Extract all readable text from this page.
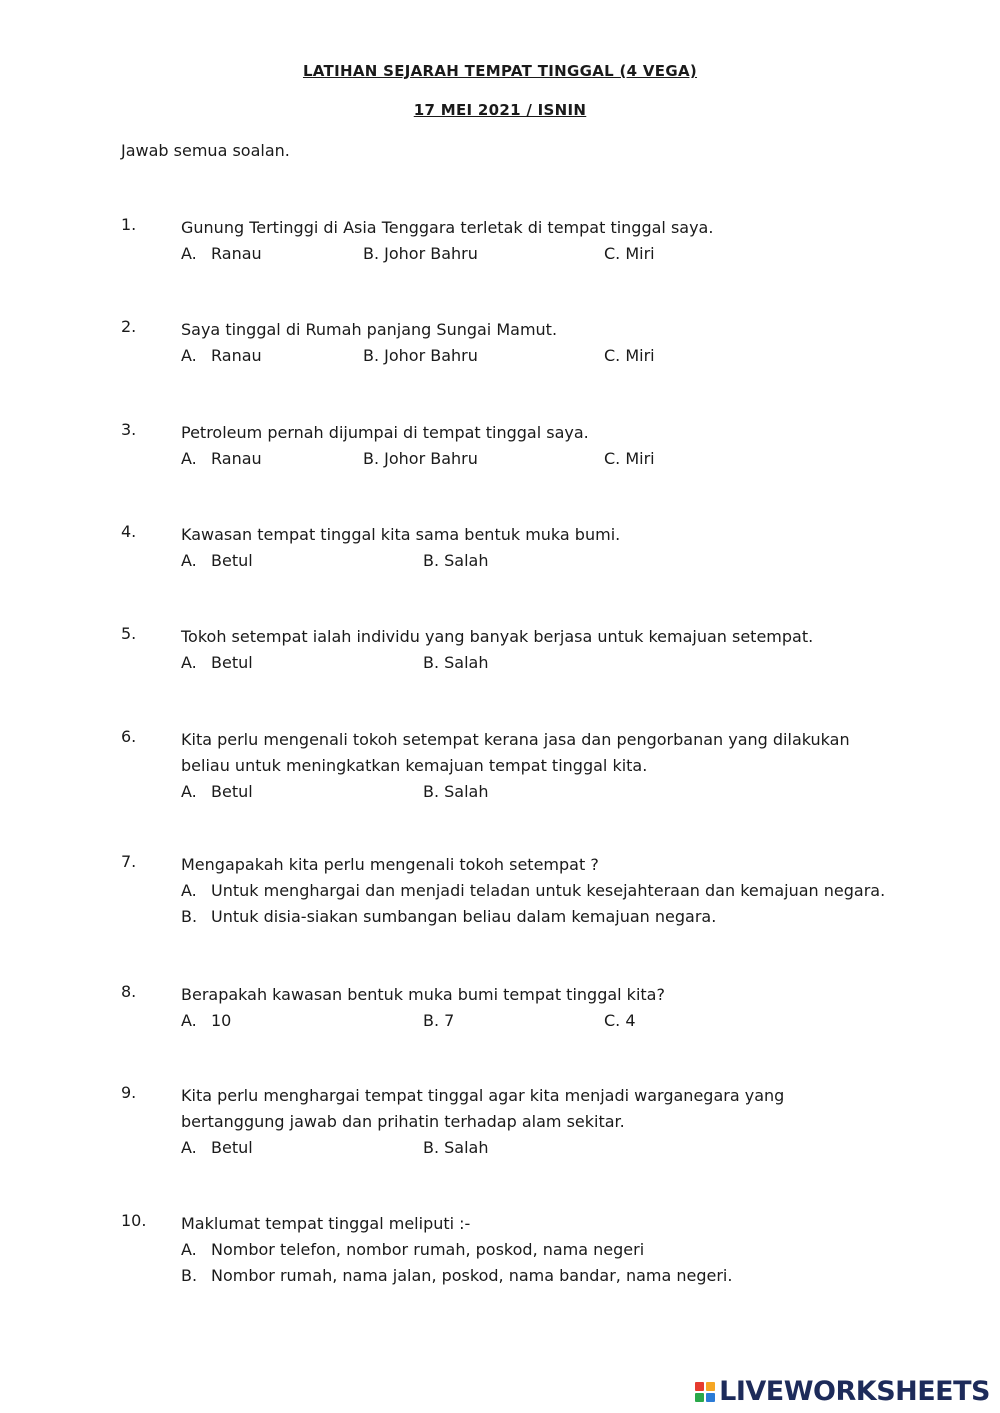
LATIHAN SEJARAH TEMPAT TINGGAL (4 VEGA)
17 MEI 2021 / ISNIN
Jawab semua soalan.
1.	Gunung Tertinggi di Asia Tenggara terletak di tempat tinggal saya.
A. Ranau	B. Johor Bahru	C. Miri
2.	Saya tinggal di Rumah panjang Sungai Mamut.
A. Ranau	B. Johor Bahru	C. Miri
3.	Petroleum pernah dijumpai di tempat tinggal saya.
A. Ranau	B. Johor Bahru	C. Miri
4.	Kawasan tempat tinggal kita sama bentuk muka bumi.
A. Betul	B. Salah
5.	Tokoh setempat ialah individu yang banyak berjasa untuk kemajuan setempat.
A. Betul	B. Salah
6.	Kita perlu mengenali tokoh setempat kerana jasa dan pengorbanan yang dilakukan beliau untuk meningkatkan kemajuan tempat tinggal kita.
A. Betul	B. Salah
7.	Mengapakah kita perlu mengenali tokoh setempat ?
A. Untuk menghargai dan menjadi teladan untuk kesejahteraan dan kemajuan negara.
B. Untuk disia-siakan sumbangan beliau dalam kemajuan negara.
8.	Berapakah kawasan bentuk muka bumi tempat tinggal kita?
A. 10	B. 7	C. 4
9.	Kita perlu menghargai tempat tinggal agar kita menjadi warganegara yang bertanggung jawab dan prihatin terhadap alam sekitar.
A. Betul	B. Salah
10. Maklumat tempat tinggal meliputi :-
A. Nombor telefon, nombor rumah, poskod, nama negeri
B. Nombor rumah, nama jalan, poskod, nama bandar, nama negeri.
LIVEWORKSHEETS
